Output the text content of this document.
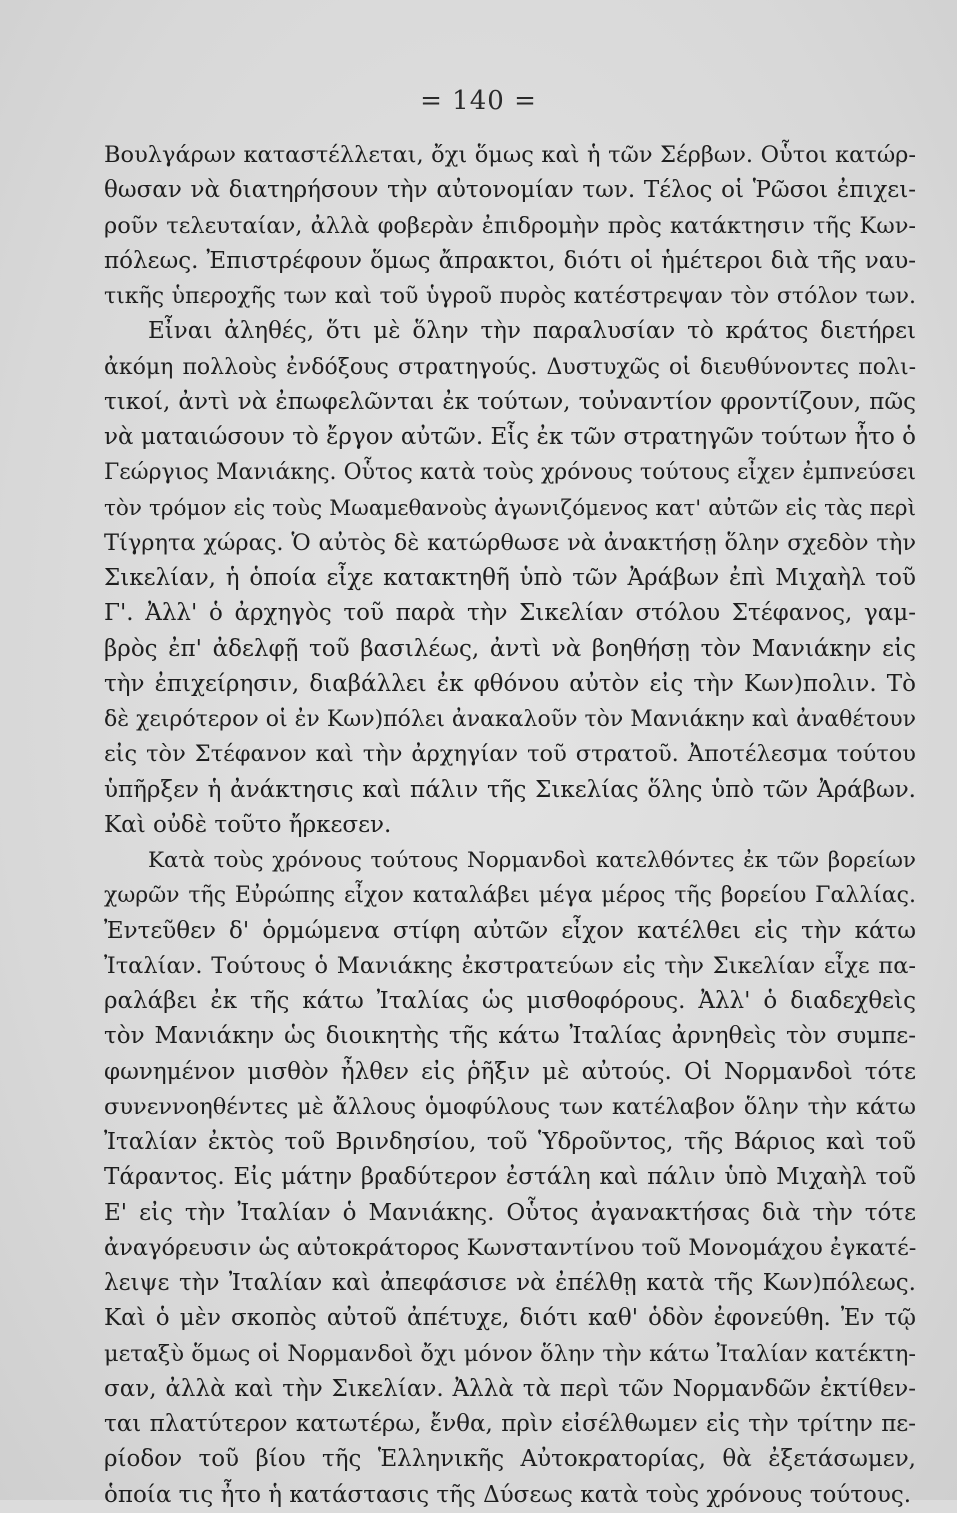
= 140 =
Βουλγάρων καταστέλλεται, ὄχι ὅμως καὶ ἡ τῶν Σέρβων. Οὗτοι κατώρ-
θωσαν νὰ διατηρήσουν τὴν αὐτονομίαν των. Τέλος οἱ Ῥῶσοι ἐπιχει-
ροῦν τελευταίαν, ἀλλὰ φοβερὰν ἐπιδρομὴν πρὸς κατάκτησιν τῆς Κων-
πόλεως. Ἐπιστρέφουν ὅμως ἄπρακτοι, διότι οἱ ἡμέτεροι διὰ τῆς ναυ-
τικῆς ὑπεροχῆς των καὶ τοῦ ὑγροῦ πυρὸς κατέστρεψαν τὸν στόλον των.
Εἶναι ἀληθές, ὅτι μὲ ὅλην τὴν παραλυσίαν τὸ κράτος διετήρει
ἀκόμη πολλοὺς ἐνδόξους στρατηγούς. Δυστυχῶς οἱ διευθύνοντες πολι-
τικοί, ἀντὶ νὰ ἐπωφελῶνται ἐκ τούτων, τοὐναντίον φροντίζουν, πῶς
νὰ ματαιώσουν τὸ ἔργον αὐτῶν. Εἷς ἐκ τῶν στρατηγῶν τούτων ἦτο ὁ
Γεώργιος Μανιάκης. Οὗτος κατὰ τοὺς χρόνους τούτους εἶχεν ἐμπνεύσει
τὸν τρόμον εἰς τοὺς Μωαμεθανοὺς ἀγωνιζόμενος κατ' αὐτῶν εἰς τὰς περὶ
Τίγρητα χώρας. Ὁ αὐτὸς δὲ κατώρθωσε νὰ ἀνακτήσῃ ὅλην σχεδὸν τὴν
Σικελίαν, ἡ ὁποία εἶχε κατακτηθῆ ὑπὸ τῶν Ἀράβων ἐπὶ Μιχαὴλ τοῦ
Γ'. Ἀλλ' ὁ ἀρχηγὸς τοῦ παρὰ τὴν Σικελίαν στόλου Στέφανος, γαμ-
βρὸς ἐπ' ἀδελφῇ τοῦ βασιλέως, ἀντὶ νὰ βοηθήσῃ τὸν Μανιάκην εἰς
τὴν ἐπιχείρησιν, διαβάλλει ἐκ φθόνου αὐτὸν εἰς τὴν Κων)πολιν. Τὸ
δὲ χειρότερον οἱ ἐν Κων)πόλει ἀνακαλοῦν τὸν Μανιάκην καὶ ἀναθέτουν
εἰς τὸν Στέφανον καὶ τὴν ἀρχηγίαν τοῦ στρατοῦ. Ἀποτέλεσμα τούτου
ὑπῆρξεν ἡ ἀνάκτησις καὶ πάλιν τῆς Σικελίας ὅλης ὑπὸ τῶν Ἀράβων.
Καὶ οὐδὲ τοῦτο ἤρκεσεν.
Κατὰ τοὺς χρόνους τούτους Νορμανδοὶ κατελθόντες ἐκ τῶν βορείων
χωρῶν τῆς Εὐρώπης εἶχον καταλάβει μέγα μέρος τῆς βορείου Γαλλίας.
Ἐντεῦθεν δ' ὁρμώμενα στίφη αὐτῶν εἶχον κατέλθει εἰς τὴν κάτω
Ἰταλίαν. Τούτους ὁ Μανιάκης ἐκστρατεύων εἰς τὴν Σικελίαν εἶχε πα-
ραλάβει ἐκ τῆς κάτω Ἰταλίας ὡς μισθοφόρους. Ἀλλ' ὁ διαδεχθεὶς
τὸν Μανιάκην ὡς διοικητὴς τῆς κάτω Ἰταλίας ἀρνηθεὶς τὸν συμπε-
φωνημένον μισθὸν ἦλθεν εἰς ῥῆξιν μὲ αὐτούς. Οἱ Νορμανδοὶ τότε
συνεννοηθέντες μὲ ἄλλους ὁμοφύλους των κατέλαβον ὅλην τὴν κάτω
Ἰταλίαν ἐκτὸς τοῦ Βρινδησίου, τοῦ Ὑδροῦντος, τῆς Βάριος καὶ τοῦ
Τάραντος. Εἰς μάτην βραδύτερον ἐστάλη καὶ πάλιν ὑπὸ Μιχαὴλ τοῦ
Ε' εἰς τὴν Ἰταλίαν ὁ Μανιάκης. Οὗτος ἀγανακτήσας διὰ τὴν τότε
ἀναγόρευσιν ὡς αὐτοκράτορος Κωνσταντίνου τοῦ Μονομάχου ἐγκατέ-
λειψε τὴν Ἰταλίαν καὶ ἀπεφάσισε νὰ ἐπέλθῃ κατὰ τῆς Κων)πόλεως.
Καὶ ὁ μὲν σκοπὸς αὐτοῦ ἀπέτυχε, διότι καθ' ὁδὸν ἐφονεύθη. Ἐν τῷ
μεταξὺ ὅμως οἱ Νορμανδοὶ ὄχι μόνον ὅλην τὴν κάτω Ἰταλίαν κατέκτη-
σαν, ἀλλὰ καὶ τὴν Σικελίαν. Ἀλλὰ τὰ περὶ τῶν Νορμανδῶν ἐκτίθεν-
ται πλατύτερον κατωτέρω, ἔνθα, πρὶν εἰσέλθωμεν εἰς τὴν τρίτην πε-
ρίοδον τοῦ βίου τῆς Ἑλληνικῆς Αὐτοκρατορίας, θὰ ἐξετάσωμεν,
ὁποία τις ἦτο ἡ κατάστασις τῆς Δύσεως κατὰ τοὺς χρόνους τούτους.
